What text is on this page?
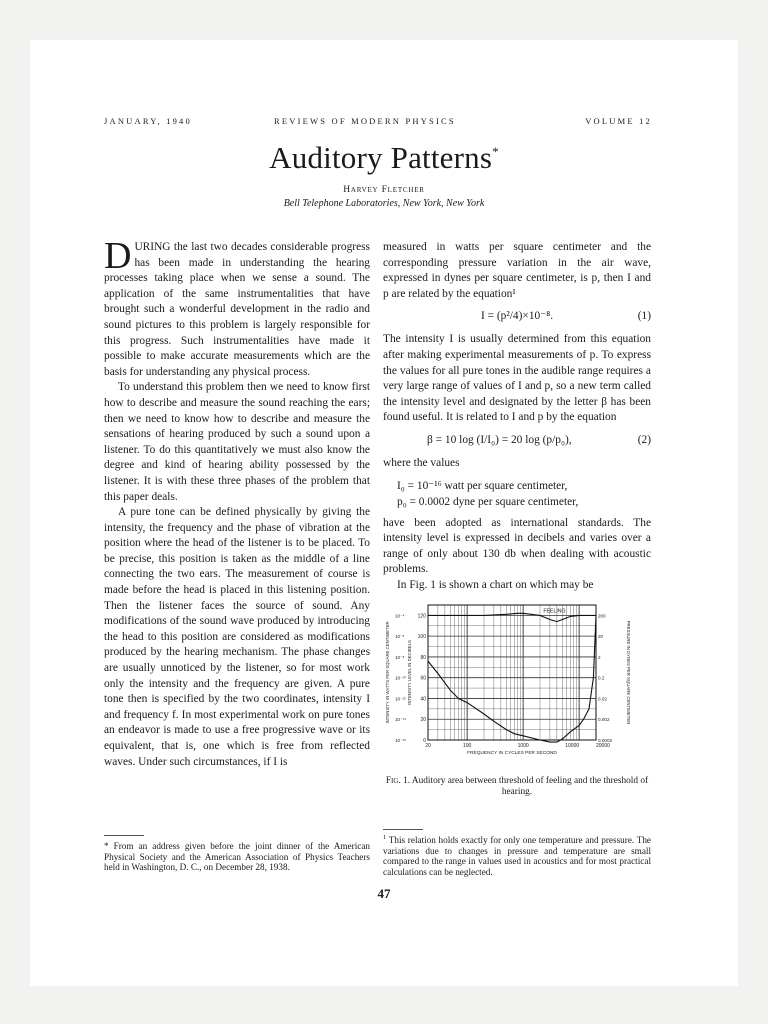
JANUARY, 1940	REVIEWS OF MODERN PHYSICS	VOLUME 12
Auditory Patterns*
Harvey Fletcher
Bell Telephone Laboratories, New York, New York

DURING the last two decades considerable progress has been made in understanding the hearing processes taking place when we sense a sound. The application of the same instrumentalities that have brought such a wonderful development in the radio and sound pictures to this problem is largely responsible for this progress. Such instrumentalities have made it possible to make accurate measurements which are the basis for understanding any physical process.

To understand this problem then we need to know first how to describe and measure the sound reaching the ears; then we need to know how to describe and measure the sensations of hearing produced by such a sound upon a listener. To do this quantitatively we must also know the degree and kind of hearing ability possessed by the listener. It is with these three phases of the problem that this paper deals.

A pure tone can be defined physically by giving the intensity, the frequency and the phase of vibration at the position where the head of the listener is to be placed. To be precise, this position is taken as the middle of a line connecting the two ears. The measurement of course is made before the head is placed in this listening position. Then the listener faces the source of sound. Any modifications of the sound wave produced by introducing the head to this position are considered as modifications produced by the hearing mechanism. The phase changes are usually unnoticed by the listener, so for most work only the intensity and the frequency are given. A pure tone then is specified by the two coordinates, intensity I and frequency f. In most experimental work on pure tones an endeavor is made to use a free progressive wave or its equivalent, that is, one which is free from reflected waves. Under such circumstances, if I is

measured in watts per square centimeter and the corresponding pressure variation in the air wave, expressed in dynes per square centimeter, is p, then I and p are related by the equation¹

I = (p²/4)×10⁻⁸.	(1)

The intensity I is usually determined from this equation after making experimental measurements of p. To express the values for all pure tones in the audible range requires a very large range of values of I and p, so a new term called the intensity level and designated by the letter β has been found useful. It is related to I and p by the equation

β = 10 log (I/I₀) = 20 log (p/p₀),	(2)

where the values

I₀ = 10⁻¹⁶ watt per square centimeter,
p₀ = 0.0002 dyne per square centimeter,

have been adopted as international standards. The intensity level is expressed in decibels and varies over a range of only about 130 db when dealing with acoustic problems.

In Fig. 1 is shown a chart on which may be

FEELING
0
20
40
60
80
100
120
10⁻¹⁶
10⁻¹⁴
10⁻¹²
10⁻¹⁰
10⁻⁸
10⁻⁶
10⁻⁴
0.0002
0.002
0.02
0.2
2
20
200
20	100	1000	10000	20000
FREQUENCY IN CYCLES PER SECOND
INTENSITY LEVEL IN DECIBELS
INTENSITY IN WATTS PER SQUARE CENTIMETER	PRESSURE IN DYNES PER SQUARE CENTIMETER
Fig. 1. Auditory area between threshold of feeling and the threshold of hearing.
* From an address given before the joint dinner of the American Physical Society and the American Association of Physics Teachers held in Washington, D. C., on December 28, 1938.
$^1$ This relation holds exactly for only one temperature and pressure. The variations due to changes in pressure and temperature are small compared to the range in values used in acoustics and for most practical calculations can be neglected.
47
